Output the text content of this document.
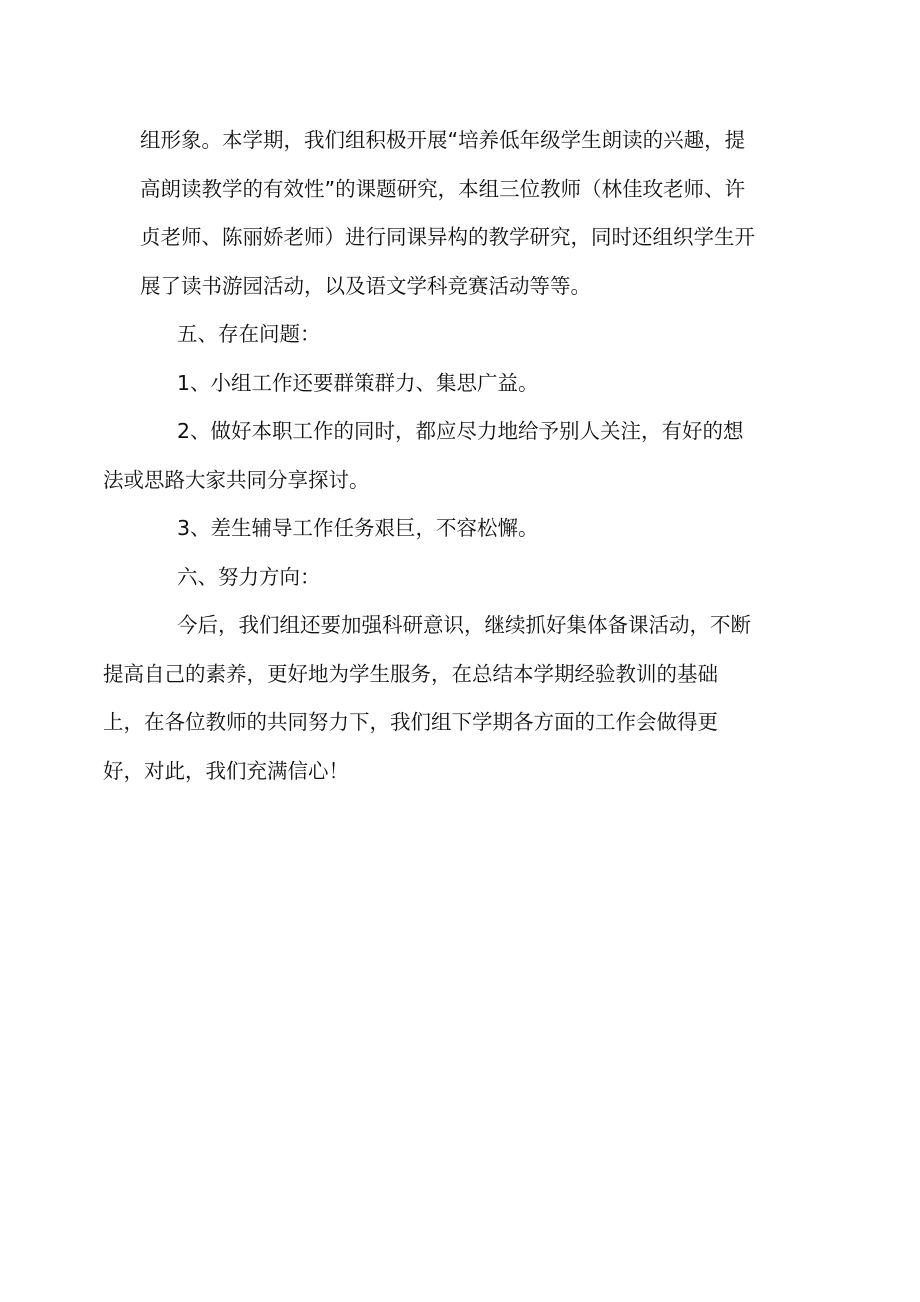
组形象。本学期，我们组积极开展“培养低年级学生朗读的兴趣，提
高朗读教学的有效性”的课题研究，本组三位教师（林佳玫老师、许
贞老师、陈丽娇老师）进行同课异构的教学研究，同时还组织学生开
展了读书游园活动，以及语文学科竞赛活动等等。

五、存在问题：

1、小组工作还要群策群力、集思广益。

2、做好本职工作的同时，都应尽力地给予别人关注，有好的想
法或思路大家共同分享探讨。

3、差生辅导工作任务艰巨，不容松懈。

六、努力方向：

今后，我们组还要加强科研意识，继续抓好集体备课活动，不断
提高自己的素养，更好地为学生服务，在总结本学期经验教训的基础
上，在各位教师的共同努力下，我们组下学期各方面的工作会做得更
好，对此，我们充满信心！
